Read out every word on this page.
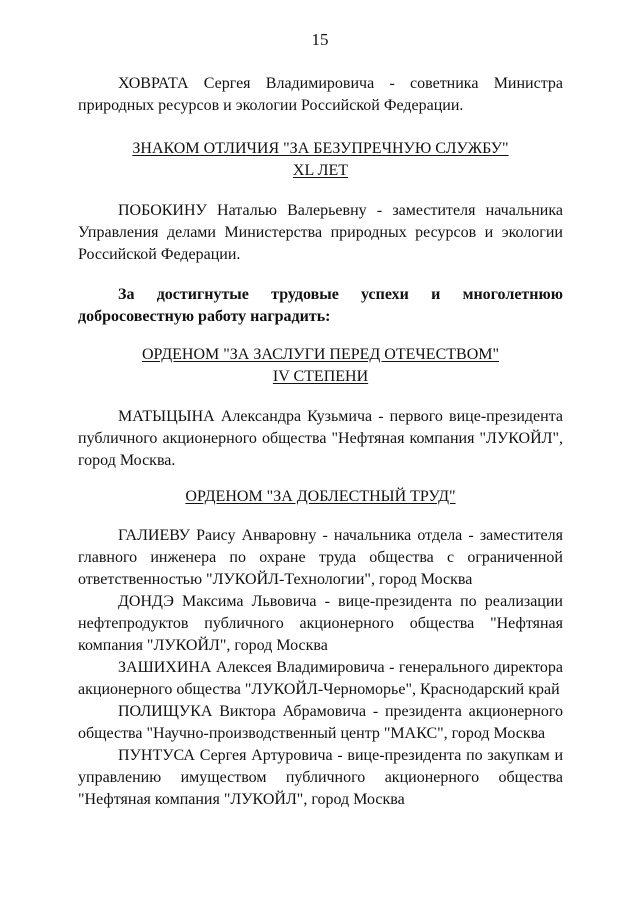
15

ХОВРАТА Сергея Владимировича - советника Министра природных ресурсов и экологии Российской Федерации.

ЗНАКОМ ОТЛИЧИЯ "ЗА БЕЗУПРЕЧНУЮ СЛУЖБУ"
XL ЛЕТ

ПОБОКИНУ Наталью Валерьевну - заместителя начальника Управления делами Министерства природных ресурсов и экологии Российской Федерации.

За достигнутые трудовые успехи и многолетнюю
добросовестную работу наградить:
ОРДЕНОМ "ЗА ЗАСЛУГИ ПЕРЕД ОТЕЧЕСТВОМ"
IV СТЕПЕНИ

МАТЫЦЫНА Александра Кузьмича - первого вице-президента публичного акционерного общества "Нефтяная компания "ЛУКОЙЛ", город Москва.

ОРДЕНОМ "ЗА ДОБЛЕСТНЫЙ ТРУД"

ГАЛИЕВУ Раису Анваровну - начальника отдела - заместителя главного инженера по охране труда общества с ограниченной ответственностью "ЛУКОЙЛ-Технологии", город Москва

ДОНДЭ Максима Львовича - вице-президента по реализации нефтепродуктов публичного акционерного общества "Нефтяная компания "ЛУКОЙЛ", город Москва

ЗАШИХИНА Алексея Владимировича - генерального директора акционерного общества "ЛУКОЙЛ-Черноморье", Краснодарский край

ПОЛИЩУКА Виктора Абрамовича - президента акционерного общества "Научно-производственный центр "МАКС", город Москва

ПУНТУСА Сергея Артуровича - вице-президента по закупкам и управлению имуществом публичного акционерного общества "Нефтяная компания "ЛУКОЙЛ", город Москва
